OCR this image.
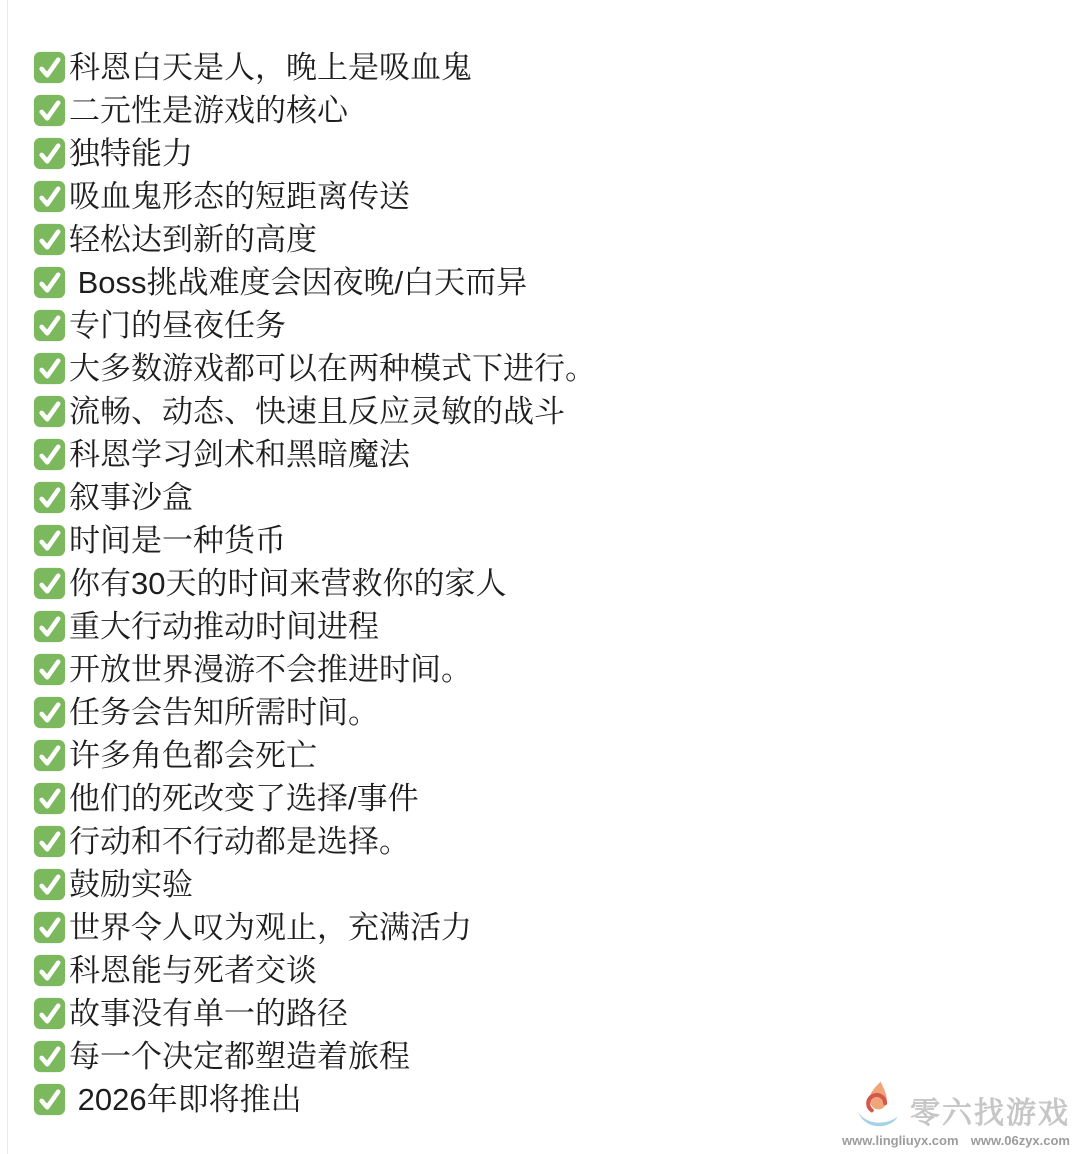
科恩白天是人，晚上是吸血鬼
二元性是游戏的核心
独特能力
吸血鬼形态的短距离传送
轻松达到新的高度
Boss挑战难度会因夜晚/白天而异
专门的昼夜任务
大多数游戏都可以在两种模式下进行。
流畅、动态、快速且反应灵敏的战斗
科恩学习剑术和黑暗魔法
叙事沙盒
时间是一种货币
你有30天的时间来营救你的家人
重大行动推动时间进程
开放世界漫游不会推进时间。
任务会告知所需时间。
许多角色都会死亡
他们的死改变了选择/事件
行动和不行动都是选择。
鼓励实验
世界令人叹为观止，充满活力
科恩能与死者交谈
故事没有单一的路径
每一个决定都塑造着旅程
2026年即将推出	零六找游戏
www.lingliuyx.com www.06zyx.com
